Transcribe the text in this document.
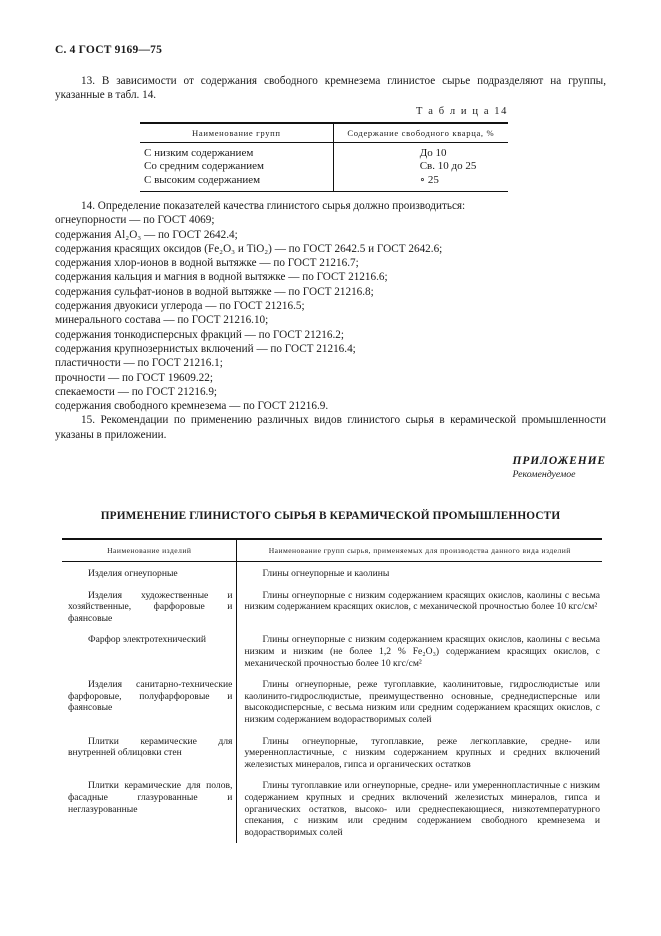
С. 4 ГОСТ 9169—75

13. В зависимости от содержания свободного кремнезема глинистое сырье подразделяют на группы, указанные в табл. 14.

Т а б л и ц а 14
Наименование групп	Содержание свободного кварца, %
С низким содержанием	До 10
Со средним содержанием	Св. 10 до 25
С высоким содержанием	∘ 25

14. Определение показателей качества глинистого сырья должно производиться:

огнеупорности — по ГОСТ 4069;
содержания Al₂O₃ — по ГОСТ 2642.4;
содержания красящих оксидов (Fe₂O₃ и TiO₂) — по ГОСТ 2642.5 и ГОСТ 2642.6;
содержания хлор-ионов в водной вытяжке — по ГОСТ 21216.7;
содержания кальция и магния в водной вытяжке — по ГОСТ 21216.6;
содержания сульфат-ионов в водной вытяжке — по ГОСТ 21216.8;
содержания двуокиси углерода — по ГОСТ 21216.5;
минерального состава — по ГОСТ 21216.10;
содержания тонкодисперсных фракций — по ГОСТ 21216.2;
содержания крупнозернистых включений — по ГОСТ 21216.4;
пластичности — по ГОСТ 21216.1;
прочности — по ГОСТ 19609.22;
спекаемости — по ГОСТ 21216.9;
содержания свободного кремнезема — по ГОСТ 21216.9.

15. Рекомендации по применению различных видов глинистого сырья в керамической промышленности указаны в приложении.

ПРИЛОЖЕНИЕ
Рекомендуемое
ПРИМЕНЕНИЕ ГЛИНИСТОГО СЫРЬЯ В КЕРАМИЧЕСКОЙ ПРОМЫШЛЕННОСТИ
Наименование изделий	Наименование групп сырья, применяемых для производства данного вида изделий
Изделия огнеупорные	Глины огнеупорные и каолины
Изделия художественные и хозяйственные, фарфоровые и фаянсовые	Глины огнеупорные с низким содержанием красящих окислов, каолины с весьма низким содержанием красящих окислов, с механической прочностью более 10 кгс/см²
Фарфор электротехнический	Глины огнеупорные с низким содержанием красящих окислов, каолины с весьма низким и низким (не более 1,2 % Fe₂O₃) содержанием красящих окислов, с механической прочностью более 10 кгс/см²
Изделия санитарно-технические фарфоровые, полуфарфоровые и фаянсовые	Глины огнеупорные, реже тугоплавкие, каолинитовые, гидрослюдистые или каолинито-гидрослюдистые, преимущественно основные, среднедисперсные или высокодисперсные, с весьма низким или средним содержанием красящих окислов, с низким содержанием водорастворимых солей
Плитки керамические для внутренней облицовки стен	Глины огнеупорные, тугоплавкие, реже легкоплавкие, средне- или умереннопластичные, с низким содержанием крупных и средних включений железистых минералов, гипса и органических остатков
Плитки керамические для полов, фасадные глазурованные и неглазурованные	Глины тугоплавкие или огнеупорные, средне- или умереннопластичные с низким содержанием крупных и средних включений железистых минералов, гипса и органических остатков, высоко- или среднеспекающиеся, низкотемпературного спекания, с низким или средним содержанием свободного кремнезема и водорастворимых солей
